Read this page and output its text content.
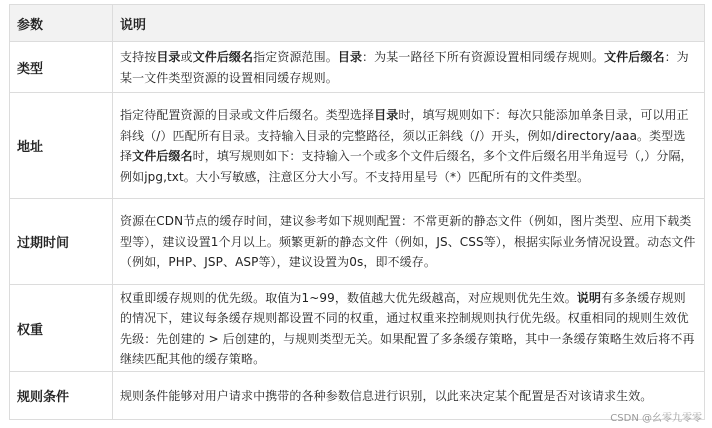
参数	说明
类型	支持按目录或文件后缀名指定资源范围。目录：为某一路径下所有资源设置相同缓存规则。文件后缀名：为某一文件类型资源的设置相同缓存规则。
地址	指定待配置资源的目录或文件后缀名。类型选择目录时，填写规则如下：每次只能添加单条目录，可以用正斜线（/）匹配所有目录。支持输入目录的完整路径，须以正斜线（/）开头，例如/directory/aaa。类型选择文件后缀名时，填写规则如下：支持输入一个或多个文件后缀名，多个文件后缀名用半角逗号（,）分隔，例如jpg,txt。大小写敏感，注意区分大小写。不支持用星号（*）匹配所有的文件类型。
过期时间	资源在CDN节点的缓存时间，建议参考如下规则配置：不常更新的静态文件（例如，图片类型、应用下载类型等），建议设置1个月以上。频繁更新的静态文件（例如，JS、CSS等），根据实际业务情况设置。动态文件（例如，PHP、JSP、ASP等），建议设置为0s，即不缓存。
权重	权重即缓存规则的优先级。取值为1~99，数值越大优先级越高，对应规则优先生效。说明有多条缓存规则的情况下，建议每条缓存规则都设置不同的权重，通过权重来控制规则执行优先级。权重相同的规则生效优先级：先创建的 > 后创建的，与规则类型无关。如果配置了多条缓存策略，其中一条缓存策略生效后将不再继续匹配其他的缓存策略。
规则条件	规则条件能够对用户请求中携带的各种参数信息进行识别，以此来决定某个配置是否对该请求生效。
CSDN @幺零九零零
